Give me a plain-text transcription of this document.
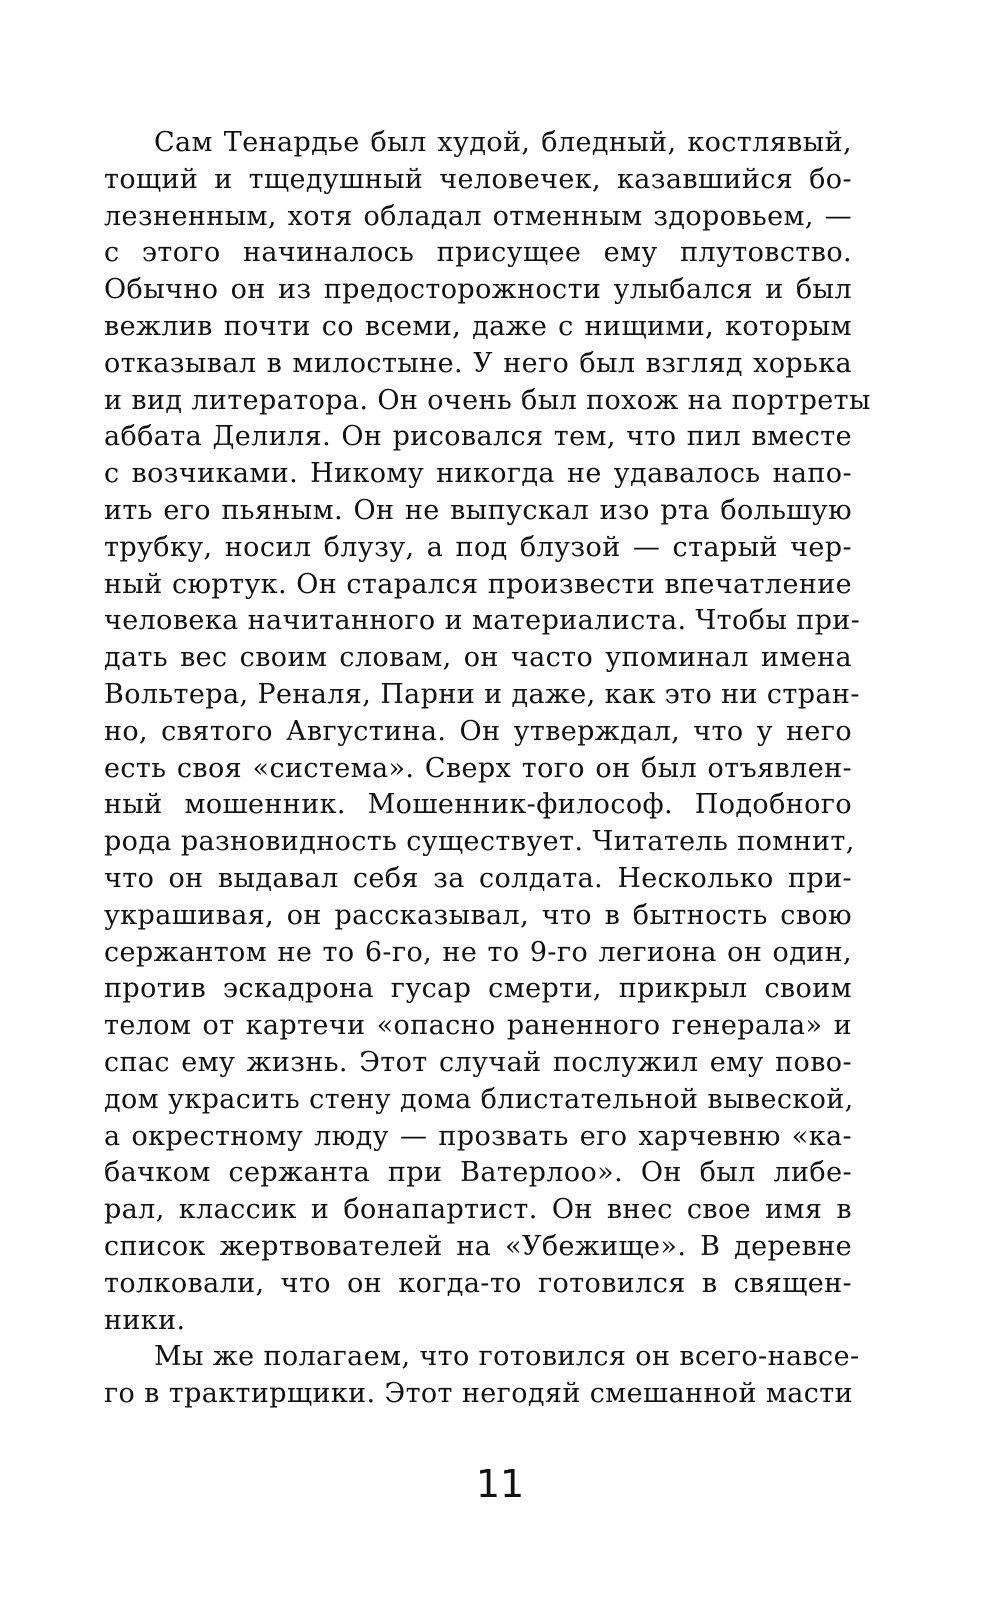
Сам Тенардье был худой, бледный, костлявый,
тощий и тщедушный человечек, казавшийся бо-
лезненным, хотя обладал отменным здоровьем, —
с этого начиналось присущее ему плутовство.
Обычно он из предосторожности улыбался и был
вежлив почти со всеми, даже с нищими, которым
отказывал в милостыне. У него был взгляд хорька
и вид литератора. Он очень был похож на портреты
аббата Делиля. Он рисовался тем, что пил вместе
с возчиками. Никому никогда не удавалось напо-
ить его пьяным. Он не выпускал изо рта большую
трубку, носил блузу, а под блузой — старый чер-
ный сюртук. Он старался произвести впечатление
человека начитанного и материалиста. Чтобы при-
дать вес своим словам, он часто упоминал имена
Вольтера, Реналя, Парни и даже, как это ни стран-
но, святого Августина. Он утверждал, что у него
есть своя «система». Сверх того он был отъявлен-
ный мошенник. Мошенник-философ. Подобного
рода разновидность существует. Читатель помнит,
что он выдавал себя за солдата. Несколько при-
украшивая, он рассказывал, что в бытность свою
сержантом не то 6-го, не то 9-го легиона он один,
против эскадрона гусар смерти, прикрыл своим
телом от картечи «опасно раненного генерала» и
спас ему жизнь. Этот случай послужил ему пово-
дом украсить стену дома блистательной вывеской,
а окрестному люду — прозвать его харчевню «ка-
бачком сержанта при Ватерлоо». Он был либе-
рал, классик и бонапартист. Он внес свое имя в
список жертвователей на «Убежище». В деревне
толковали, что он когда-то готовился в священ-
ники.
Мы же полагаем, что готовился он всего-навсе-
го в трактирщики. Этот негодяй смешанной масти
11
